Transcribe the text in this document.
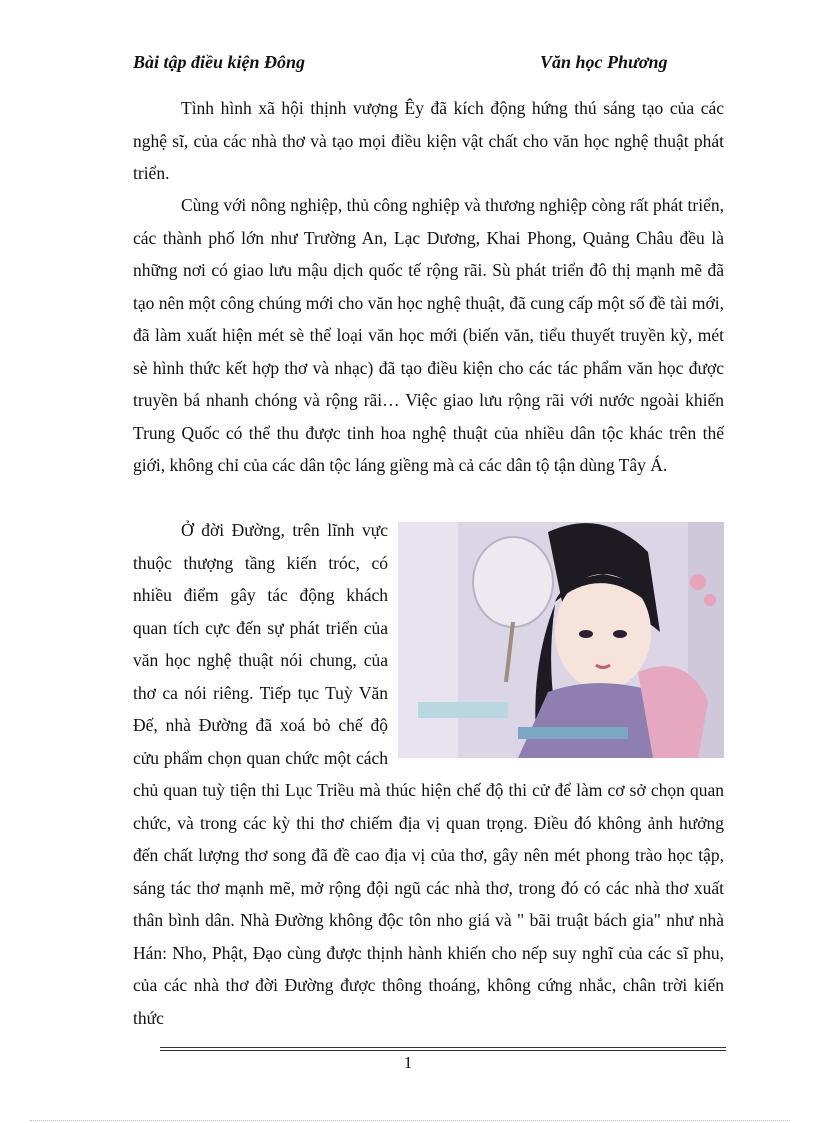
Bài tập điều kiện Đông	Văn học Phương

Tình hình xã hội thịnh vượng Êy đã kích động hứng thú sáng tạo của các nghệ sĩ, của các nhà thơ và tạo mọi điều kiện vật chất cho văn học nghệ thuật phát triển.

Cùng với nông nghiệp, thủ công nghiệp và thương nghiệp còng rất phát triển, các thành phố lớn như Trường An, Lạc Dương, Khai Phong, Quảng Châu đều là những nơi có giao lưu mậu dịch quốc tế rộng rãi. Sù phát triển đô thị mạnh mẽ đã tạo nên một công chúng mới cho văn học nghệ thuật, đã cung cấp một số đề tài mới, đã làm xuất hiện mét sè thể loại văn học mới (biến văn, tiểu thuyết truyền kỳ, mét sè hình thức kết hợp thơ và nhạc) đã tạo điều kiện cho các tác phẩm văn học được truyền bá nhanh chóng và rộng rãi… Việc giao lưu rộng rãi với nước ngoài khiến Trung Quốc có thể thu được tinh hoa nghệ thuật của nhiều dân tộc khác trên thế giới, không chỉ của các dân tộc láng giềng mà cả các dân tộ tận dùng Tây Á.

Ở đời Đường, trên lĩnh vực thuộc thượng tầng kiến tróc, có nhiều điểm gây tác động khách quan tích cực đến sự phát triển của văn học nghệ thuật nói chung, của thơ ca nói riêng. Tiếp tục Tuỳ Văn Đế, nhà Đường đã xoá bỏ chế độ cửu phẩm chọn quan chức một cách chủ quan tuỳ tiện thi Lục Triều mà thúc hiện chế độ thi cử để làm cơ sở chọn quan chức, và trong các kỳ thi thơ chiếm địa vị quan trọng. Điều đó không ảnh hưởng đến chất lượng thơ song đã đề cao địa vị của thơ, gây nên mét phong trào học tập, sáng tác thơ mạnh mẽ, mở rộng đội ngũ các nhà thơ, trong đó có các nhà thơ xuất thân bình dân. Nhà Đường không độc tôn nho giá và " bãi truật bách gia" như nhà Hán: Nho, Phật, Đạo cùng được thịnh hành khiến cho nếp suy nghĩ của các sĩ phu, của các nhà thơ đời Đường được thông thoáng, không cứng nhắc, chân trời kiến thức

1
